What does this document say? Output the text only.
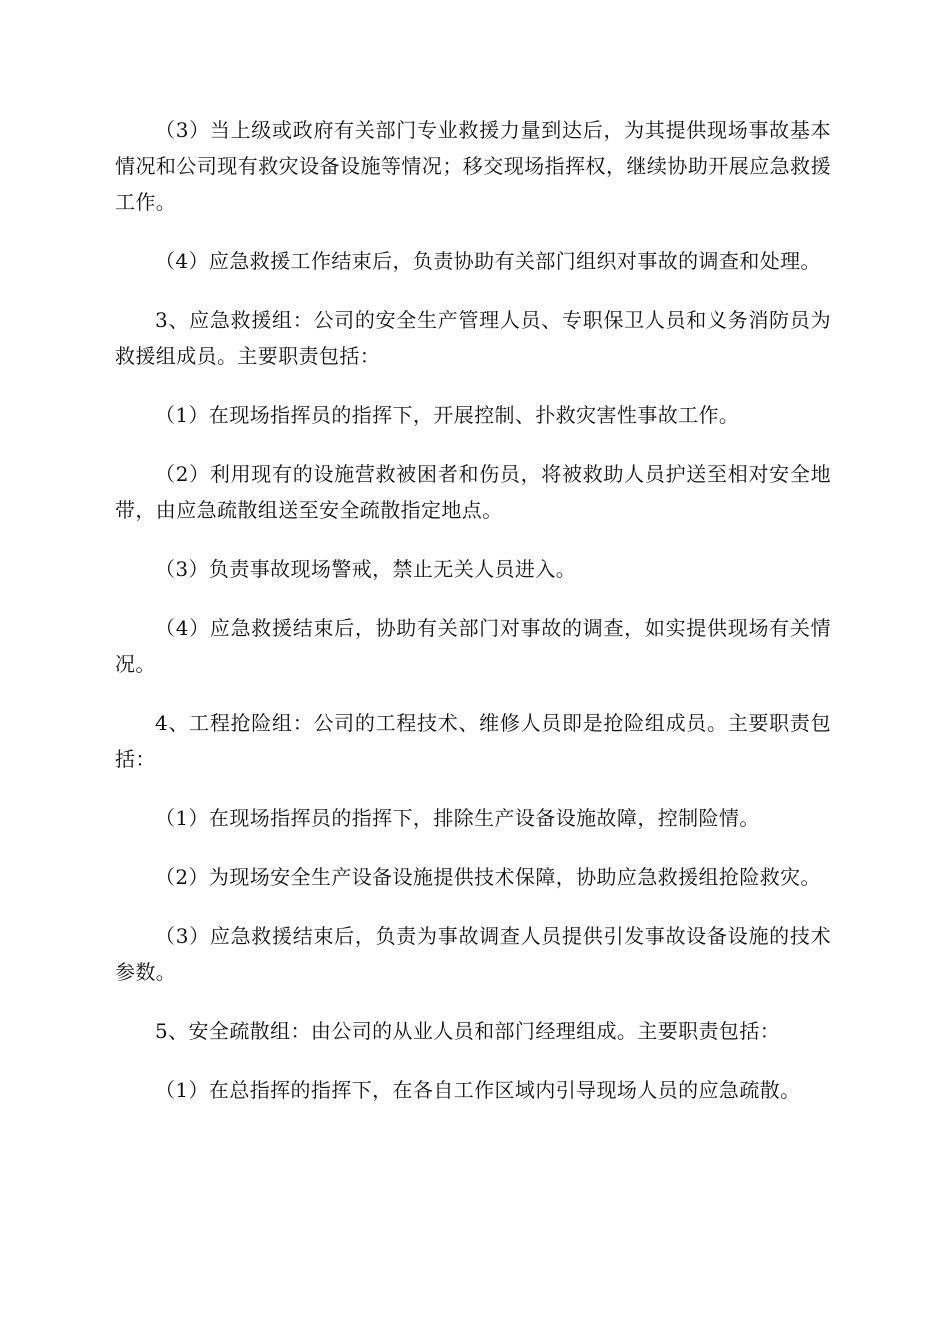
（3）当上级或政府有关部门专业救援力量到达后，为其提供现场事故基本情况和公司现有救灾设备设施等情况；移交现场指挥权，继续协助开展应急救援工作。

（4）应急救援工作结束后，负责协助有关部门组织对事故的调查和处理。

3、应急救援组：公司的安全生产管理人员、专职保卫人员和义务消防员为救援组成员。主要职责包括：

（1）在现场指挥员的指挥下，开展控制、扑救灾害性事故工作。

（2）利用现有的设施营救被困者和伤员，将被救助人员护送至相对安全地带，由应急疏散组送至安全疏散指定地点。

（3）负责事故现场警戒，禁止无关人员进入。

（4）应急救援结束后，协助有关部门对事故的调查，如实提供现场有关情况。

4、工程抢险组：公司的工程技术、维修人员即是抢险组成员。主要职责包括：

（1）在现场指挥员的指挥下，排除生产设备设施故障，控制险情。

（2）为现场安全生产设备设施提供技术保障，协助应急救援组抢险救灾。

（3）应急救援结束后，负责为事故调查人员提供引发事故设备设施的技术参数。

5、安全疏散组：由公司的从业人员和部门经理组成。主要职责包括：

（1）在总指挥的指挥下，在各自工作区域内引导现场人员的应急疏散。
